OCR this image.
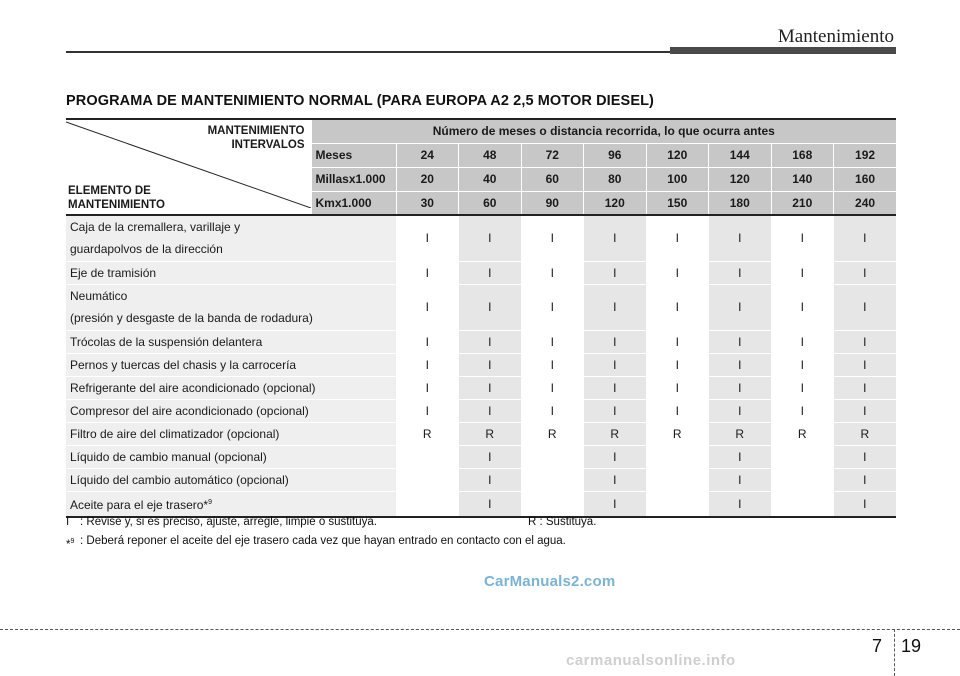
Mantenimiento
PROGRAMA DE MANTENIMIENTO NORMAL (PARA EUROPA A2 2,5 MOTOR DIESEL)
MANTENIMIENTO
INTERVALOS
ELEMENTO DE
MANTENIMIENTO	Número de meses o distancia recorrida, lo que ocurra antes								
	Meses	24	48	72	96	120	144	168	192
	Millasx1.000	20	40	60	80	100	120	140	160
	Kmx1.000	30	60	90	120	150	180	210	240

Caja de la cremallera, varillaje y
guardapolvos de la dirección		I	I	I	I	I	I	I	I

Eje de tramisión		I	I	I	I	I	I	I	I

Neumático
(presión y desgaste de la banda de rodadura)		I	I	I	I	I	I	I	I

Trócolas de la suspensión delantera		I	I	I	I	I	I	I	I

Pernos y tuercas del chasis y la carrocería		I	I	I	I	I	I	I	I

Refrigerante del aire acondicionado (opcional)		I	I	I	I	I	I	I	I

Compresor del aire acondicionado (opcional)		I	I	I	I	I	I	I	I

Filtro de aire del climatizador (opcional)		R	R	R	R	R	R	R	R

Líquido de cambio manual (opcional)			I		I		I		I

Líquido del cambio automático (opcional)			I		I		I		I
Aceite para el eje trasero*$^9$			I		I		I		I
I : Revise y, si es preciso, ajuste, arregle, limpie o sustituya.	R : Sustituya.
*$^9$ : Deberá reponer el aceite del eje trasero cada vez que hayan entrado en contacto con el agua.
CarManuals2.com
7 19
carmanualsonline.info
